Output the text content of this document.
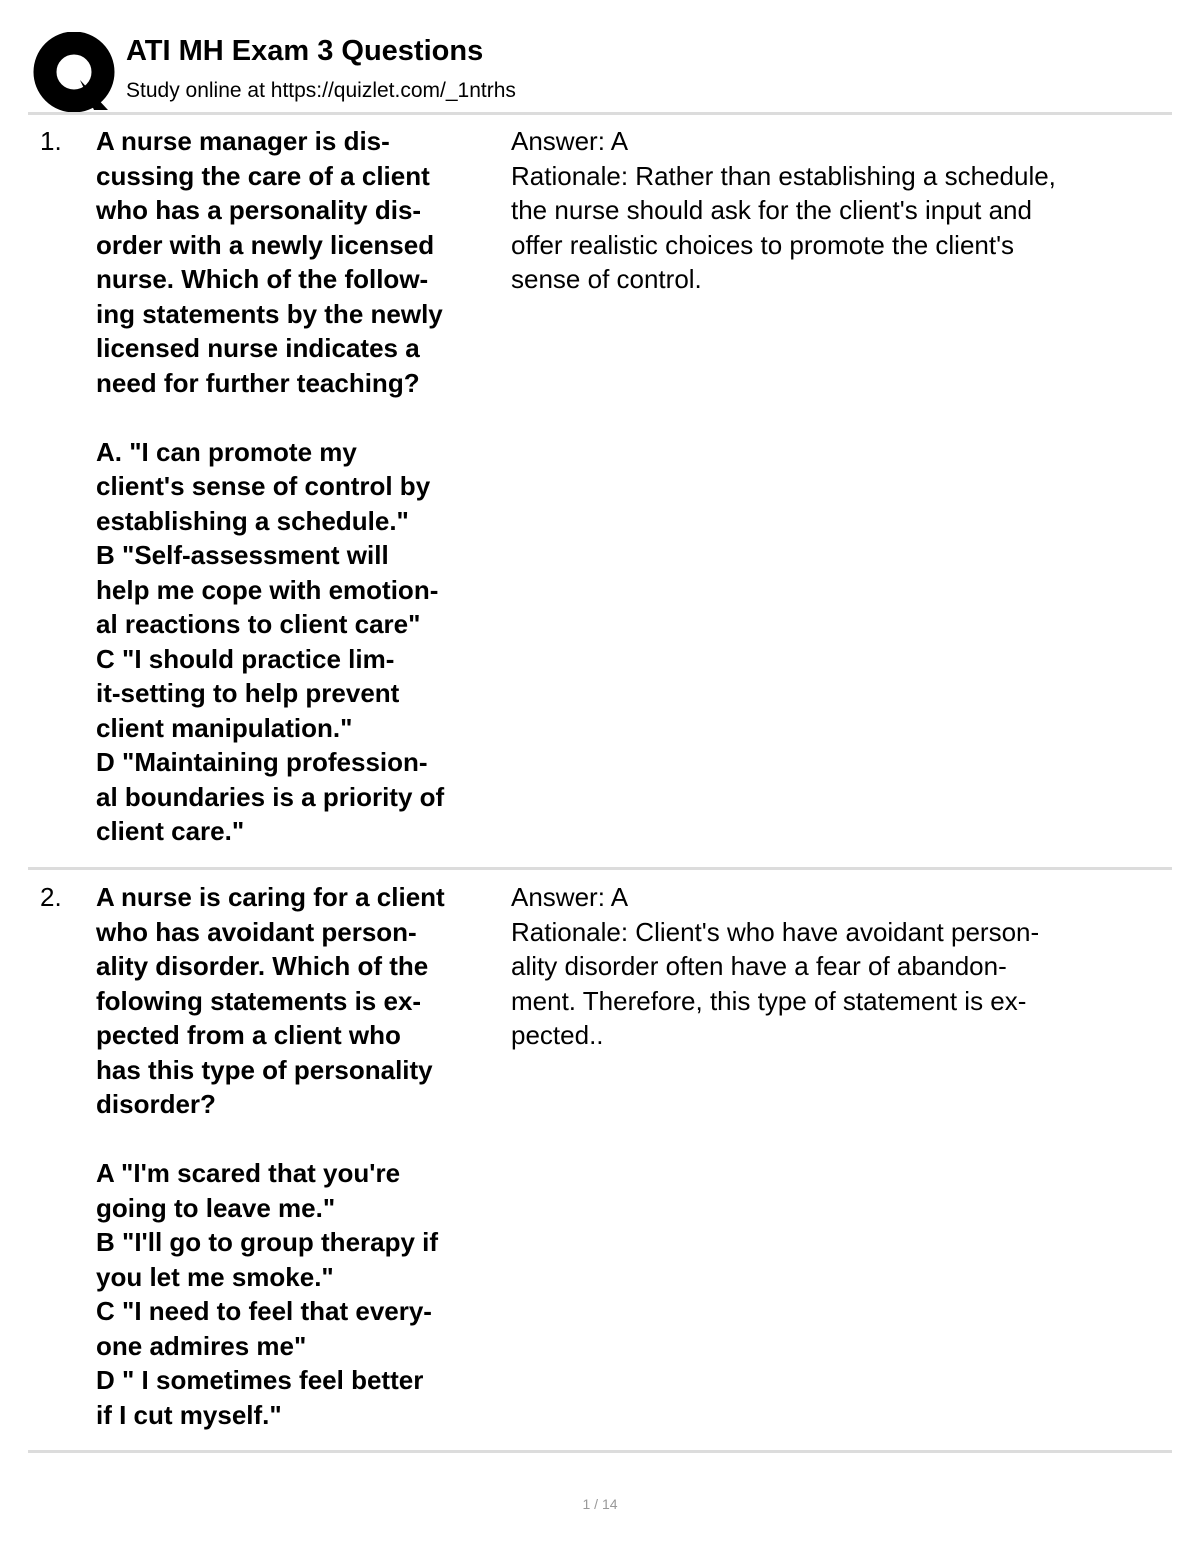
ATI MH Exam 3 Questions
Study online at https://quizlet.com/_1ntrhs
1. A nurse manager is dis-
cussing the care of a client
who has a personality dis-
order with a newly licensed
nurse. Which of the follow-
ing statements by the newly
licensed nurse indicates a
need for further teaching?
A. "I can promote my
client's sense of control by
establishing a schedule."
B "Self-assessment will
help me cope with emotion-
al reactions to client care"
C "I should practice lim-
it-setting to help prevent
client manipulation."
D "Maintaining profession-
al boundaries is a priority of
client care."
Answer: A
Rationale: Rather than establishing a schedule,
the nurse should ask for the client's input and
offer realistic choices to promote the client's
sense of control.
2. A nurse is caring for a client
who has avoidant person-
ality disorder. Which of the
folowing statements is ex-
pected from a client who
has this type of personality
disorder?
A "I'm scared that you're
going to leave me."
B "I'll go to group therapy if
you let me smoke."
C "I need to feel that every-
one admires me"
D " I sometimes feel better
if I cut myself."
Answer: A
Rationale: Client's who have avoidant person-
ality disorder often have a fear of abandon-
ment. Therefore, this type of statement is ex-
pected..
1 / 14
